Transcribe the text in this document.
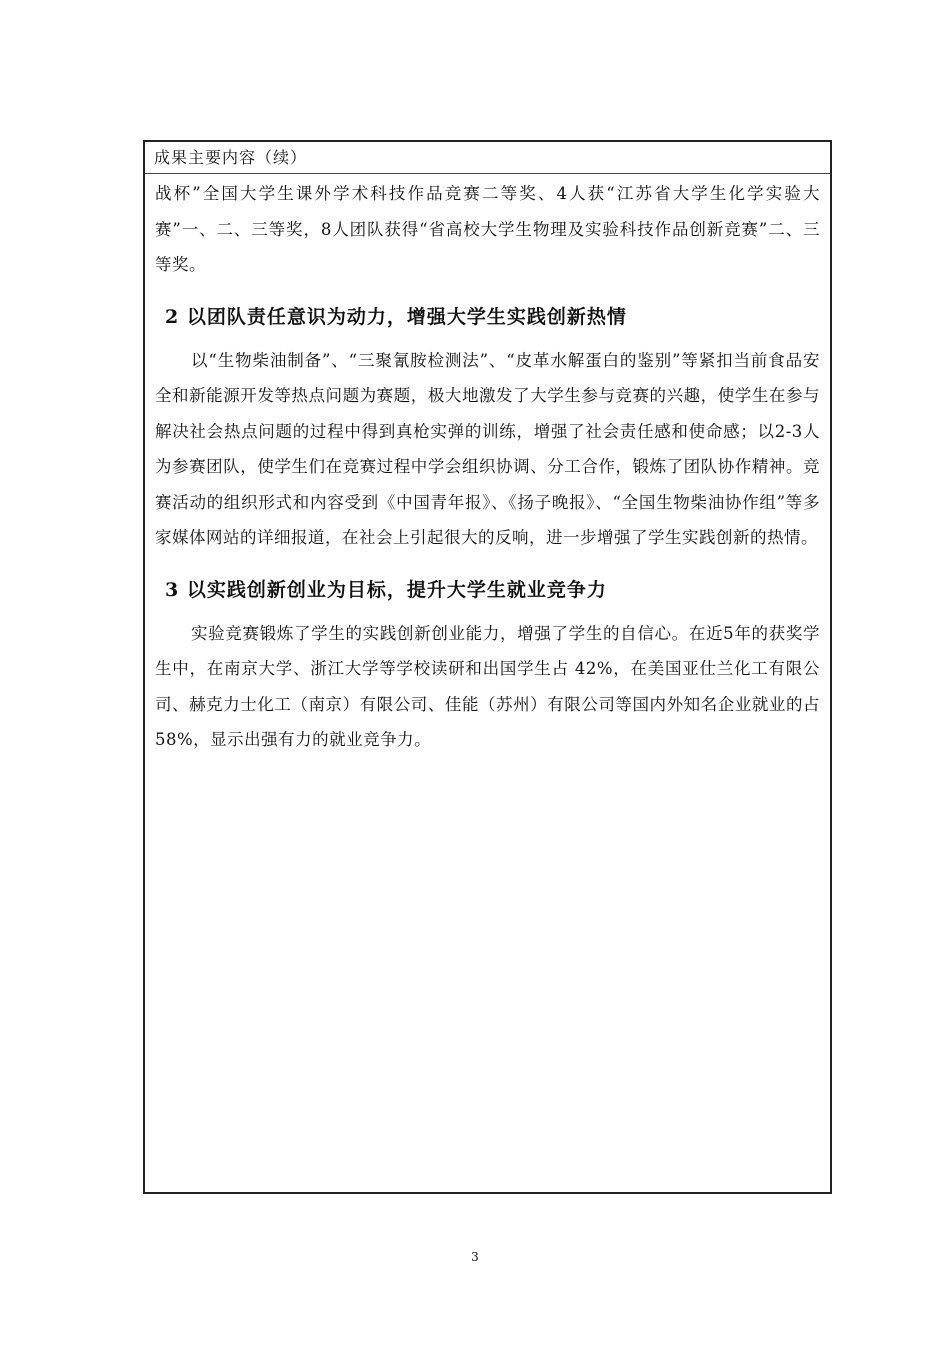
成果主要内容（续）

战杯”全国大学生课外学术科技作品竞赛二等奖、4人获“江苏省大学生化学实验大赛”一、二、三等奖，8人团队获得“省高校大学生物理及实验科技作品创新竞赛”二、三等奖。

2 以团队责任意识为动力，增强大学生实践创新热情

以“生物柴油制备”、“三聚氰胺检测法”、“皮革水解蛋白的鉴别”等紧扣当前食品安全和新能源开发等热点问题为赛题，极大地激发了大学生参与竞赛的兴趣，使学生在参与解决社会热点问题的过程中得到真枪实弹的训练，增强了社会责任感和使命感；以2-3人为参赛团队，使学生们在竞赛过程中学会组织协调、分工合作，锻炼了团队协作精神。竞赛活动的组织形式和内容受到《中国青年报》、《扬子晚报》、“全国生物柴油协作组”等多家媒体网站的详细报道，在社会上引起很大的反响，进一步增强了学生实践创新的热情。

3 以实践创新创业为目标，提升大学生就业竞争力

实验竞赛锻炼了学生的实践创新创业能力，增强了学生的自信心。在近5年的获奖学生中，在南京大学、浙江大学等学校读研和出国学生占 42%，在美国亚仕兰化工有限公司、赫克力士化工（南京）有限公司、佳能（苏州）有限公司等国内外知名企业就业的占58%，显示出强有力的就业竞争力。

3
